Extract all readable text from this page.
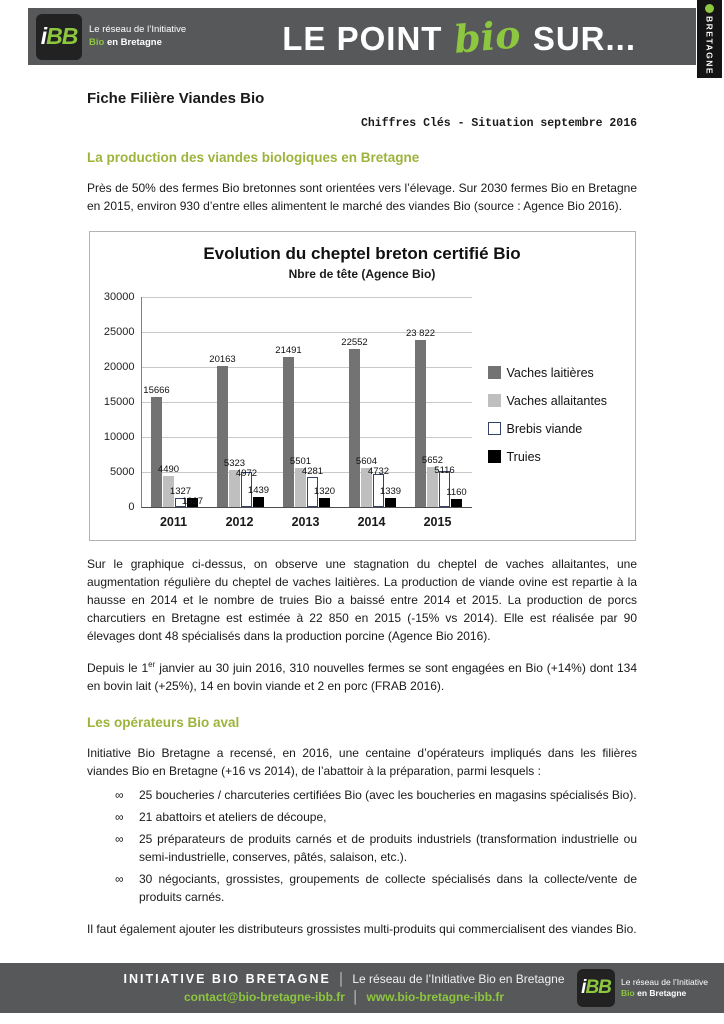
i BB Le réseau de l’Initiative
Bio en Bretagne	LE POINT bio SUR...	BRETAGNE
Fiche Filière Viandes Bio
Chiffres Clés - Situation septembre 2016
La production des viandes biologiques en Bretagne

Près de 50% des fermes Bio bretonnes sont orientées vers l’élevage. Sur 2030 fermes Bio en Bretagne en 2015, environ 930 d’entre elles alimentent le marché des viandes Bio (source : Agence Bio 2016).

Evolution du cheptel breton certifié Bio
Nbre de tête (Agence Bio)
0
5000
10000
15000
20000
25000
30000
15666
4490
1327
1327
20163
5323
4972
1439
21491
5501
4281
1320
22552
5604
4732
1339
23 822
5652
5116
1160
2011	2012	2013	2014	2015
Vaches laitières
Vaches allaitantes
Brebis viande
Truies

Sur le graphique ci-dessus, on observe une stagnation du cheptel de vaches allaitantes, une augmentation régulière du cheptel de vaches laitières. La production de viande ovine est repartie à la hausse en 2014 et le nombre de truies Bio a baissé entre 2014 et 2015. La production de porcs charcutiers en Bretagne est estimée à 22 850 en 2015 (-15% vs 2014). Elle est réalisée par 90 élevages dont 48 spécialisés dans la production porcine (Agence Bio 2016).

Depuis le 1er janvier au 30 juin 2016, 310 nouvelles fermes se sont engagées en Bio (+14%) dont 134 en bovin lait (+25%), 14 en bovin viande et 2 en porc (FRAB 2016).

Les opérateurs Bio aval

Initiative Bio Bretagne a recensé, en 2016, une centaine d’opérateurs impliqués dans les filières viandes Bio en Bretagne (+16 vs 2014), de l’abattoir à la préparation, parmi lesquels :

∞	25 boucheries / charcuteries certifiées Bio (avec les boucheries en magasins spécialisés Bio).
∞	21 abattoirs et ateliers de découpe,
∞	25 préparateurs de produits carnés et de produits industriels (transformation industrielle ou semi-industrielle, conserves, pâtés, salaison, etc.).
∞	30 négociants, grossistes, groupements de collecte spécialisés dans la collecte/vente de produits carnés.

Il faut également ajouter les distributeurs grossistes multi-produits qui commercialisent des viandes Bio.

INITIATIVE BIO BRETAGNE │ Le réseau de l’Initiative Bio en Bretagne
contact@bio-bretagne-ibb.fr │ www.bio-bretagne-ibb.fr	i BB Le réseau de l’Initiative
Bio en Bretagne
